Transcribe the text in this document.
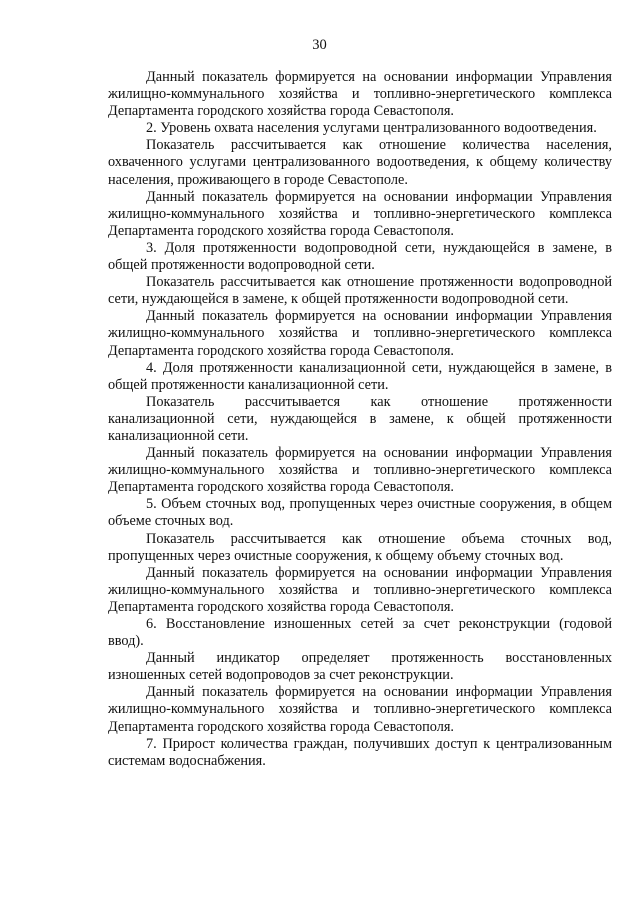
30

Данный показатель формируется на основании информации Управления жилищно-коммунального хозяйства и топливно-энергетического комплекса Департамента городского хозяйства города Севастополя.

2. Уровень охвата населения услугами централизованного водоотведения.

Показатель рассчитывается как отношение количества населения, охваченного услугами централизованного водоотведения, к общему количеству населения, проживающего в городе Севастополе.

Данный показатель формируется на основании информации Управления жилищно-коммунального хозяйства и топливно-энергетического комплекса Департамента городского хозяйства города Севастополя.

3. Доля протяженности водопроводной сети, нуждающейся в замене, в общей протяженности водопроводной сети.

Показатель рассчитывается как отношение протяженности водопроводной сети, нуждающейся в замене, к общей протяженности водопроводной сети.

Данный показатель формируется на основании информации Управления жилищно-коммунального хозяйства и топливно-энергетического комплекса Департамента городского хозяйства города Севастополя.

4. Доля протяженности канализационной сети, нуждающейся в замене, в общей протяженности канализационной сети.

Показатель рассчитывается как отношение протяженности канализационной сети, нуждающейся в замене, к общей протяженности канализационной сети.

Данный показатель формируется на основании информации Управления жилищно-коммунального хозяйства и топливно-энергетического комплекса Департамента городского хозяйства города Севастополя.

5. Объем сточных вод, пропущенных через очистные сооружения, в общем объеме сточных вод.

Показатель рассчитывается как отношение объема сточных вод, пропущенных через очистные сооружения, к общему объему сточных вод.

Данный показатель формируется на основании информации Управления жилищно-коммунального хозяйства и топливно-энергетического комплекса Департамента городского хозяйства города Севастополя.

6. Восстановление изношенных сетей за счет реконструкции (годовой ввод).

Данный индикатор определяет протяженность восстановленных изношенных сетей водопроводов за счет реконструкции.

Данный показатель формируется на основании информации Управления жилищно-коммунального хозяйства и топливно-энергетического комплекса Департамента городского хозяйства города Севастополя.

7. Прирост количества граждан, получивших доступ к централизованным системам водоснабжения.
